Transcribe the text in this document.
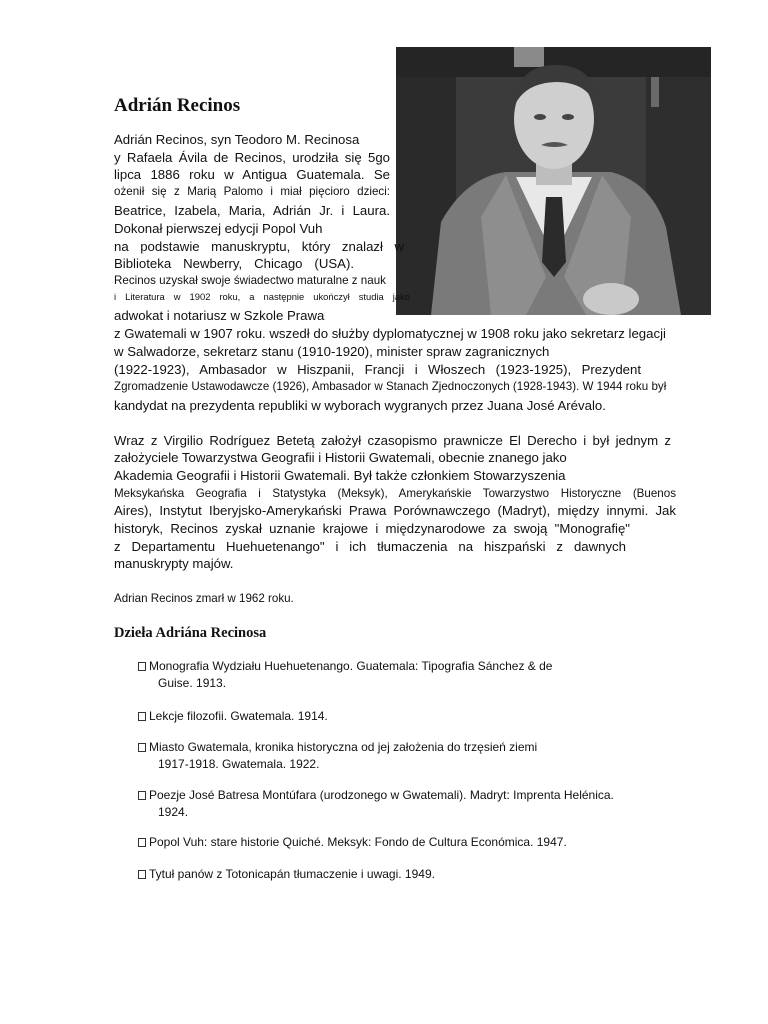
Adrián Recinos

Adrián Recinos, syn Teodoro M. Recinosa

y Rafaela Ávila de Recinos, urodziła się 5go

lipca 1886 roku w Antigua Guatemala. Se

ożenił się z Marią Palomo i miał pięcioro dzieci:

Beatrice, Izabela, Maria, Adrián Jr. i Laura.

Dokonał pierwszej edycji Popol Vuh

na podstawie manuskryptu, który znalazł w

Biblioteka Newberry, Chicago (USA).

Recinos uzyskał swoje świadectwo maturalne z nauk

i Literatura w 1902 roku, a następnie ukończył studia jako

adwokat i notariusz w Szkole Prawa

z Gwatemali w 1907 roku. wszedł do służby dyplomatycznej w 1908 roku jako sekretarz legacji

w Salwadorze, sekretarz stanu (1910-1920), minister spraw zagranicznych

(1922-1923), Ambasador w Hiszpanii, Francji i Włoszech (1923-1925), Prezydent

Zgromadzenie Ustawodawcze (1926), Ambasador w Stanach Zjednoczonych (1928-1943). W 1944 roku był

kandydat na prezydenta republiki w wyborach wygranych przez Juana José Arévalo.

Wraz z Virgilio Rodríguez Betetą założył czasopismo prawnicze El Derecho i był jednym z

założyciele Towarzystwa Geografii i Historii Gwatemali, obecnie znanego jako

Akademia Geografii i Historii Gwatemali. Był także członkiem Stowarzyszenia

Meksykańska Geografia i Statystyka (Meksyk), Amerykańskie Towarzystwo Historyczne (Buenos

Aires), Instytut Iberyjsko-Amerykański Prawa Porównawczego (Madryt), między innymi. Jak

historyk, Recinos zyskał uznanie krajowe i międzynarodowe za swoją "Monografię"

z Departamentu Huehuetenango" i ich tłumaczenia na hiszpański z dawnych

manuskrypty majów.

Adrian Recinos zmarł w 1962 roku.

Dzieła Adriána Recinosa
Monografia Wydziału Huehuetenango. Guatemala: Tipografia Sánchez & de
Guise. 1913.
Lekcje filozofii. Gwatemala. 1914.
Miasto Gwatemala, kronika historyczna od jej założenia do trzęsień ziemi
1917-1918. Gwatemala. 1922.
Poezje José Batresa Montúfara (urodzonego w Gwatemali). Madryt: Imprenta Helénica.
1924.
Popol Vuh: stare historie Quiché. Meksyk: Fondo de Cultura Económica. 1947.
Tytuł panów z Totonicapán tłumaczenie i uwagi. 1949.
